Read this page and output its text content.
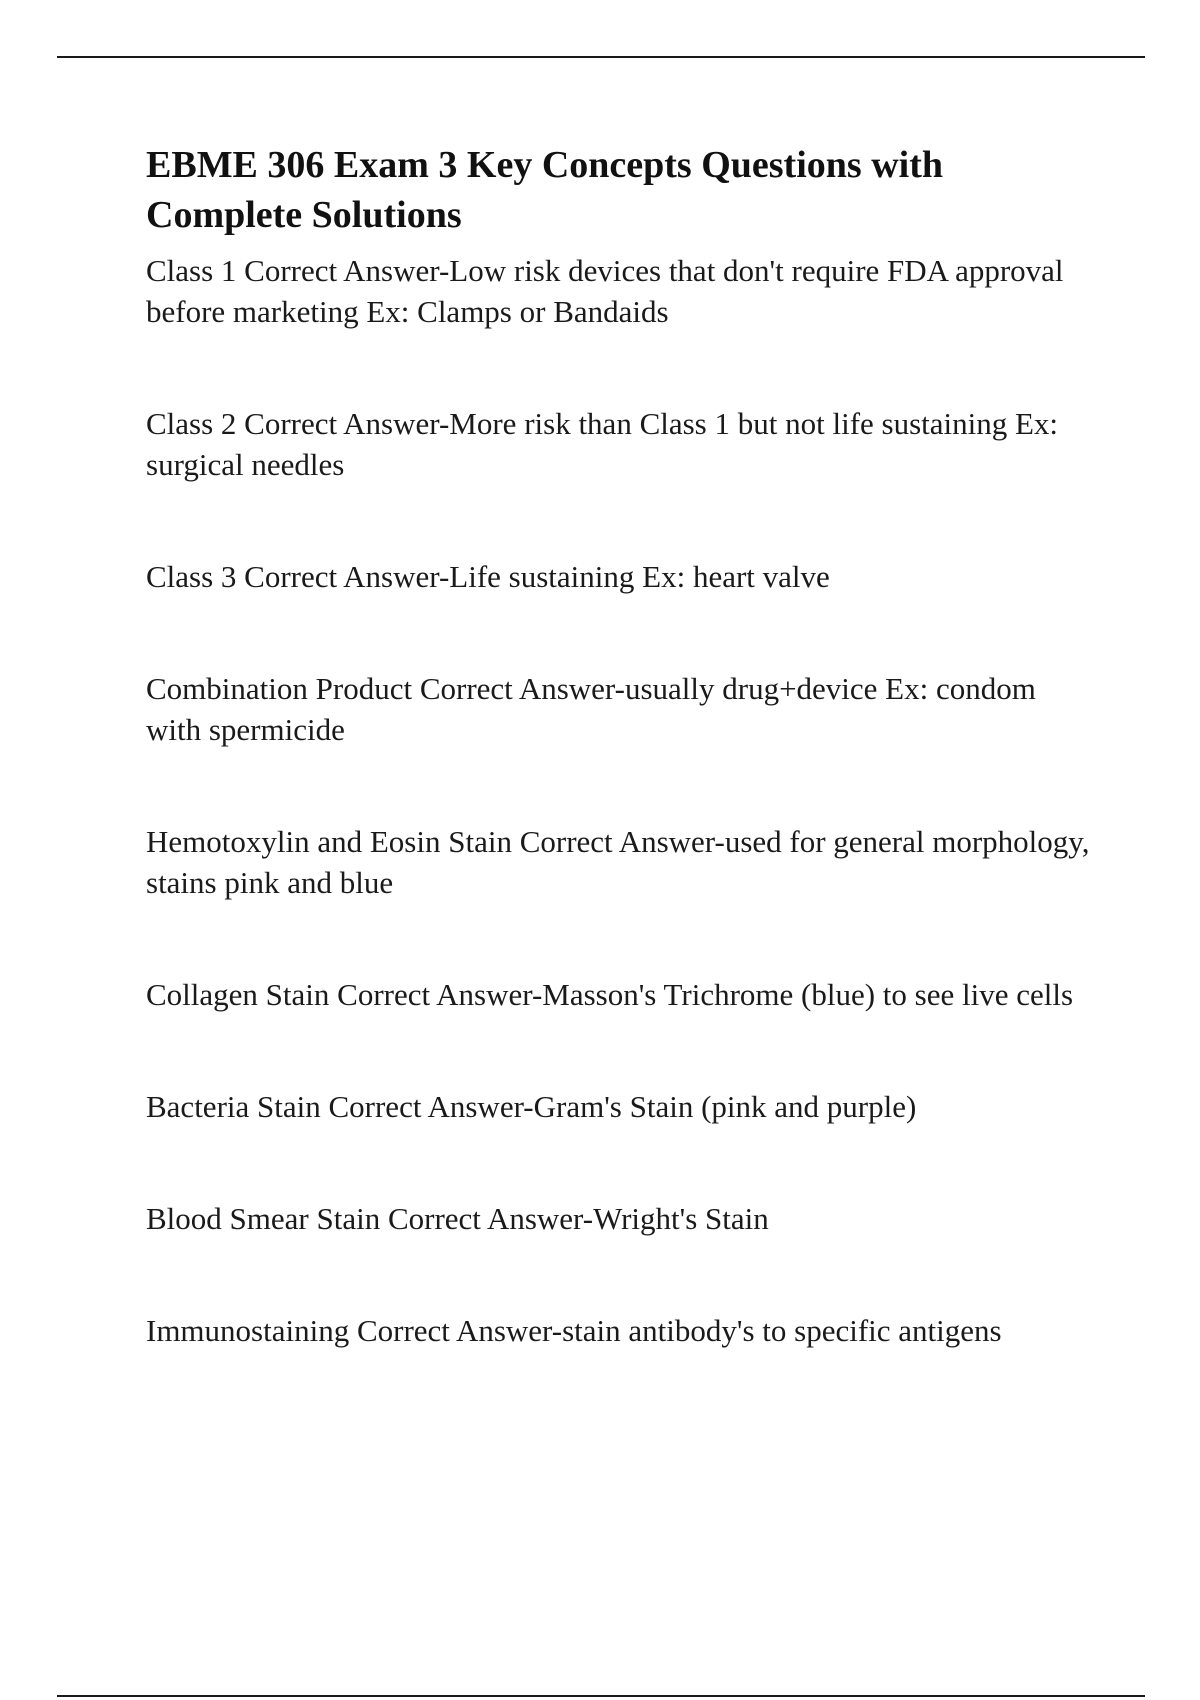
EBME 306 Exam 3 Key Concepts Questions with Complete Solutions

Class 1 Correct Answer-Low risk devices that don't require FDA approval before marketing Ex: Clamps or Bandaids

Class 2 Correct Answer-More risk than Class 1 but not life sustaining Ex: surgical needles

Class 3 Correct Answer-Life sustaining Ex: heart valve

Combination Product Correct Answer-usually drug+device Ex: condom with spermicide

Hemotoxylin and Eosin Stain Correct Answer-used for general morphology, stains pink and blue

Collagen Stain Correct Answer-Masson's Trichrome (blue) to see live cells

Bacteria Stain Correct Answer-Gram's Stain (pink and purple)

Blood Smear Stain Correct Answer-Wright's Stain

Immunostaining Correct Answer-stain antibody's to specific antigens
